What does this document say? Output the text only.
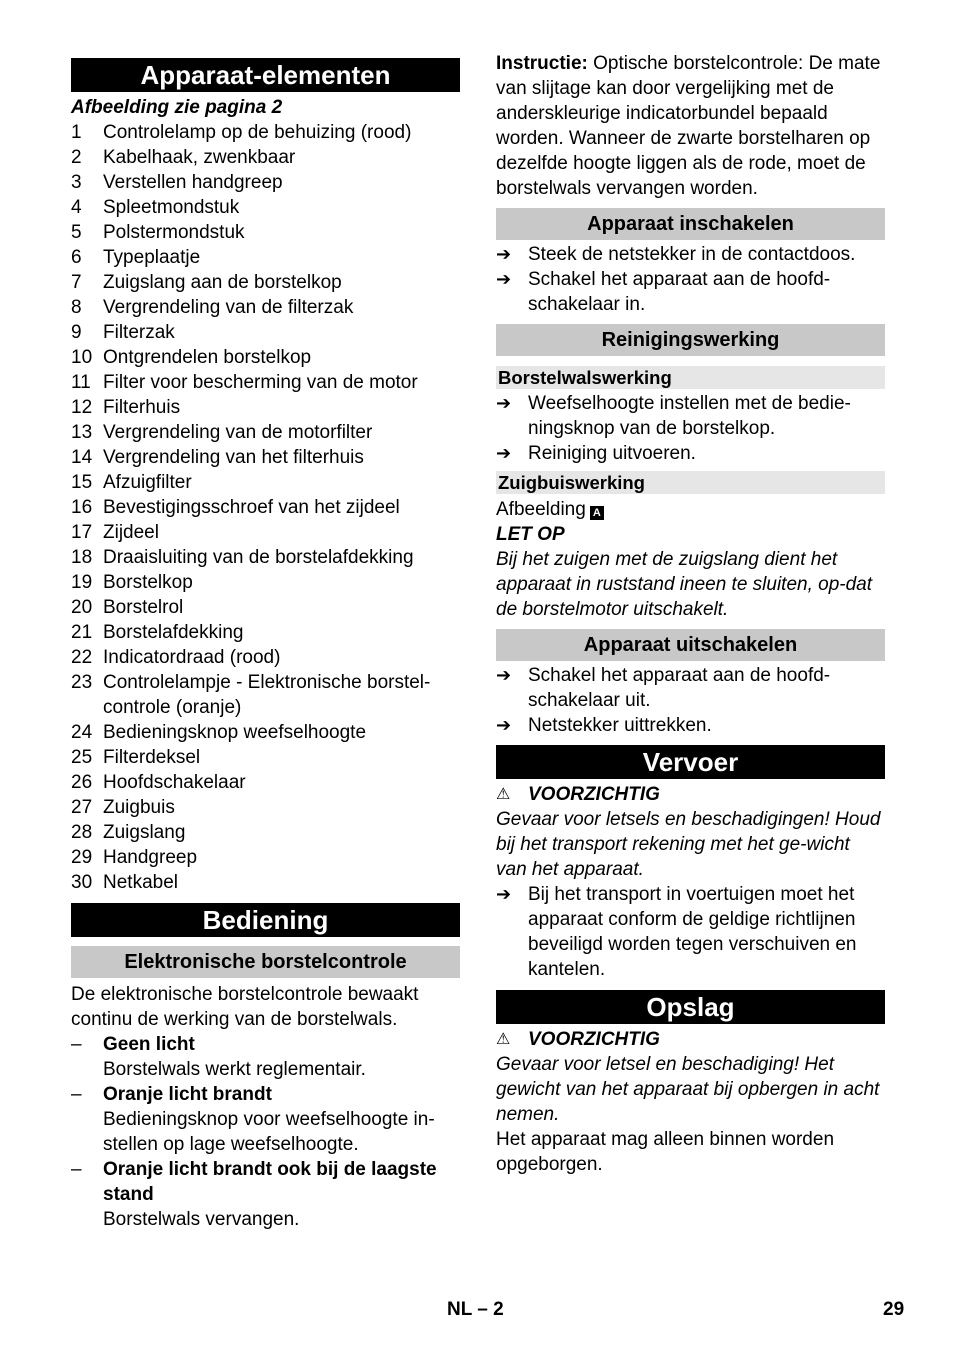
Apparaat-elementen
Afbeelding zie pagina 2
1	Controlelamp op de behuizing (rood)
2	Kabelhaak, zwenkbaar
3	Verstellen handgreep
4	Spleetmondstuk
5	Polstermondstuk
6	Typeplaatje
7	Zuigslang aan de borstelkop
8	Vergrendeling van de filterzak
9	Filterzak
10 Ontgrendelen borstelkop
11 Filter voor bescherming van de motor
12 Filterhuis
13 Vergrendeling van de motorfilter
14 Vergrendeling van het filterhuis
15 Afzuigfilter
16 Bevestigingsschroef van het zijdeel
17 Zijdeel
18 Draaisluiting van de borstelafdekking
19 Borstelkop
20 Borstelrol
21 Borstelafdekking
22 Indicatordraad (rood)
23 Controlelampje - Elektronische borstel-controle (oranje)
24 Bedieningsknop weefselhoogte
25 Filterdeksel
26 Hoofdschakelaar
27 Zuigbuis
28 Zuigslang
29 Handgreep
30 Netkabel
Bediening
Elektronische borstelcontrole
De elektronische borstelcontrole bewaakt continu de werking van de borstelwals.
–	Geen licht
Borstelwals werkt reglementair.
–	Oranje licht brandt
Bedieningsknop voor weefselhoogte in-stellen op lage weefselhoogte.
–	Oranje licht brandt ook bij de laagste stand
Borstelwals vervangen.
Instructie: Optische borstelcontrole: De mate van slijtage kan door vergelijking met de anderskleurige indicatorbundel bepaald worden. Wanneer de zwarte borstelharen op dezelfde hoogte liggen als de rode, moet de borstelwals vervangen worden.
Apparaat inschakelen
➔ Steek de netstekker in de contactdoos.
➔ Schakel het apparaat aan de hoofd-schakelaar in.
Reinigingswerking
Borstelwalswerking
➔ Weefselhoogte instellen met de bedie-ningsknop van de borstelkop.
➔ Reiniging uitvoeren.
Zuigbuiswerking
Afbeelding A
LET OP
Bij het zuigen met de zuigslang dient het apparaat in ruststand ineen te sluiten, op-dat de borstelmotor uitschakelt.
Apparaat uitschakelen
➔ Schakel het apparaat aan de hoofd-schakelaar uit.
➔ Netstekker uittrekken.
Vervoer
⚠ VOORZICHTIG
Gevaar voor letsels en beschadigingen! Houd bij het transport rekening met het ge-wicht van het apparaat.
➔ Bij het transport in voertuigen moet het apparaat conform de geldige richtlijnen beveiligd worden tegen verschuiven en kantelen.
Opslag
⚠ VOORZICHTIG
Gevaar voor letsel en beschadiging! Het gewicht van het apparaat bij opbergen in acht nemen.
Het apparaat mag alleen binnen worden opgeborgen.
NL – 2	29
